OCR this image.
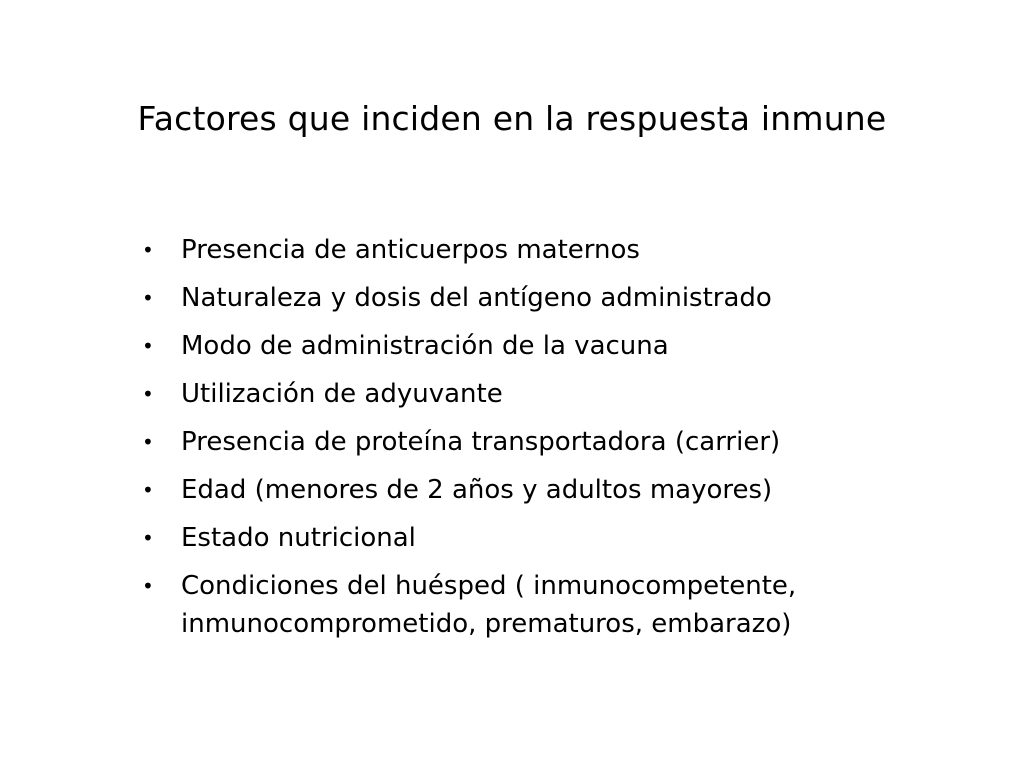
Factores que inciden en la respuesta inmune
• Presencia de anticuerpos maternos
• Naturaleza y dosis del antígeno administrado
• Modo de administración de la vacuna
• Utilización de adyuvante
• Presencia de proteína transportadora (carrier)
• Edad (menores de 2 años y adultos mayores)
• Estado nutricional
• Condiciones del huésped ( inmunocompetente, inmunocomprometido, prematuros, embarazo)
